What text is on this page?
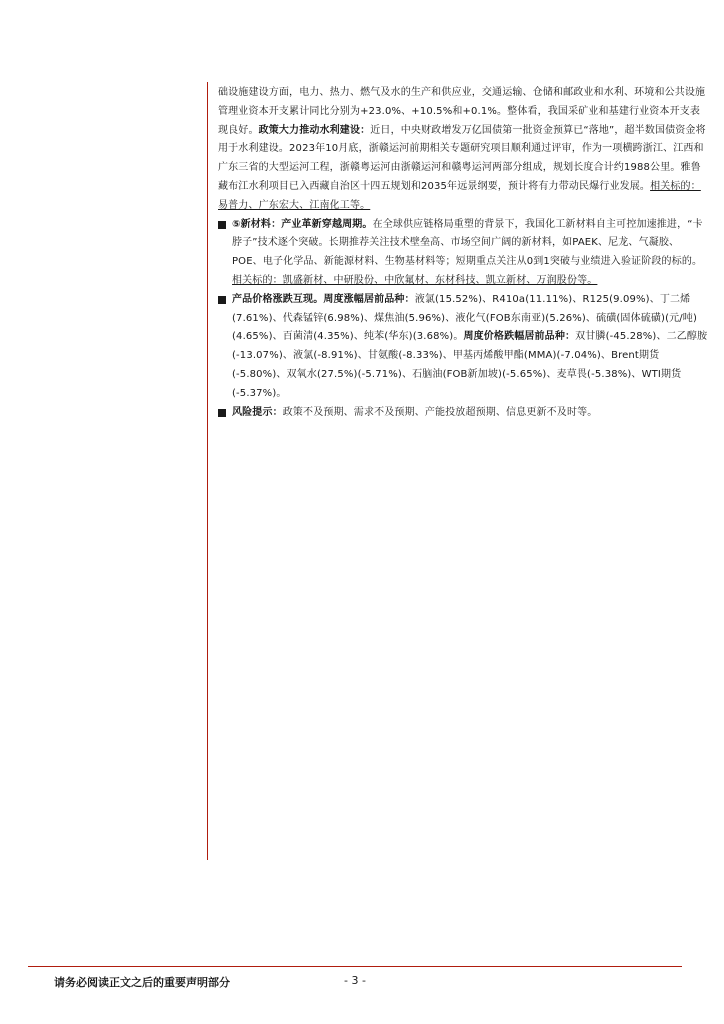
础设施建设方面，电力、热力、燃气及水的生产和供应业，交通运输、仓储和邮政业和水利、环境和公共设施管理业资本开支累计同比分别为+23.0%、+10.5%和+0.1%。整体看，我国采矿业和基建行业资本开支表现良好。政策大力推动水利建设：近日，中央财政增发万亿国债第一批资金预算已“落地”，超半数国债资金将用于水利建设。2023年10月底，浙赣运河前期相关专题研究项目顺利通过评审，作为一项横跨浙江、江西和广东三省的大型运河工程，浙赣粤运河由浙赣运河和赣粤运河两部分组成，规划长度合计约1988公里。雅鲁藏布江水利项目已入西藏自治区十四五规划和2035年远景纲要，预计将有力带动民爆行业发展。相关标的：易普力、广东宏大、江南化工等。

⑤新材料：产业革新穿越周期。在全球供应链格局重塑的背景下，我国化工新材料自主可控加速推进，“卡脖子”技术逐个突破。长期推荐关注技术壁垒高、市场空间广阔的新材料，如PAEK、尼龙、气凝胶、POE、电子化学品、新能源材料、生物基材料等；短期重点关注从0到1突破与业绩进入验证阶段的标的。相关标的：凯盛新材、中研股份、中欣氟材、东材科技、凯立新材、万润股份等。

产品价格涨跌互现。周度涨幅居前品种：液氯(15.52%)、R410a(11.11%)、R125(9.09%)、丁二烯(7.61%)、代森锰锌(6.98%)、煤焦油(5.96%)、液化气(FOB东南亚)(5.26%)、硫磺(固体硫磺)(元/吨)(4.65%)、百菌清(4.35%)、纯苯(华东)(3.68%)。周度价格跌幅居前品种：双甘膦(-45.28%)、二乙醇胺(-13.07%)、液氯(-8.91%)、甘氨酸(-8.33%)、甲基丙烯酸甲酯(MMA)(-7.04%)、Brent期货(-5.80%)、双氧水(27.5%)(-5.71%)、石脑油(FOB新加坡)(-5.65%)、麦草畏(-5.38%)、WTI期货(-5.37%)。

风险提示：政策不及预期、需求不及预期、产能投放超预期、信息更新不及时等。

请务必阅读正文之后的重要声明部分	- 3 -
